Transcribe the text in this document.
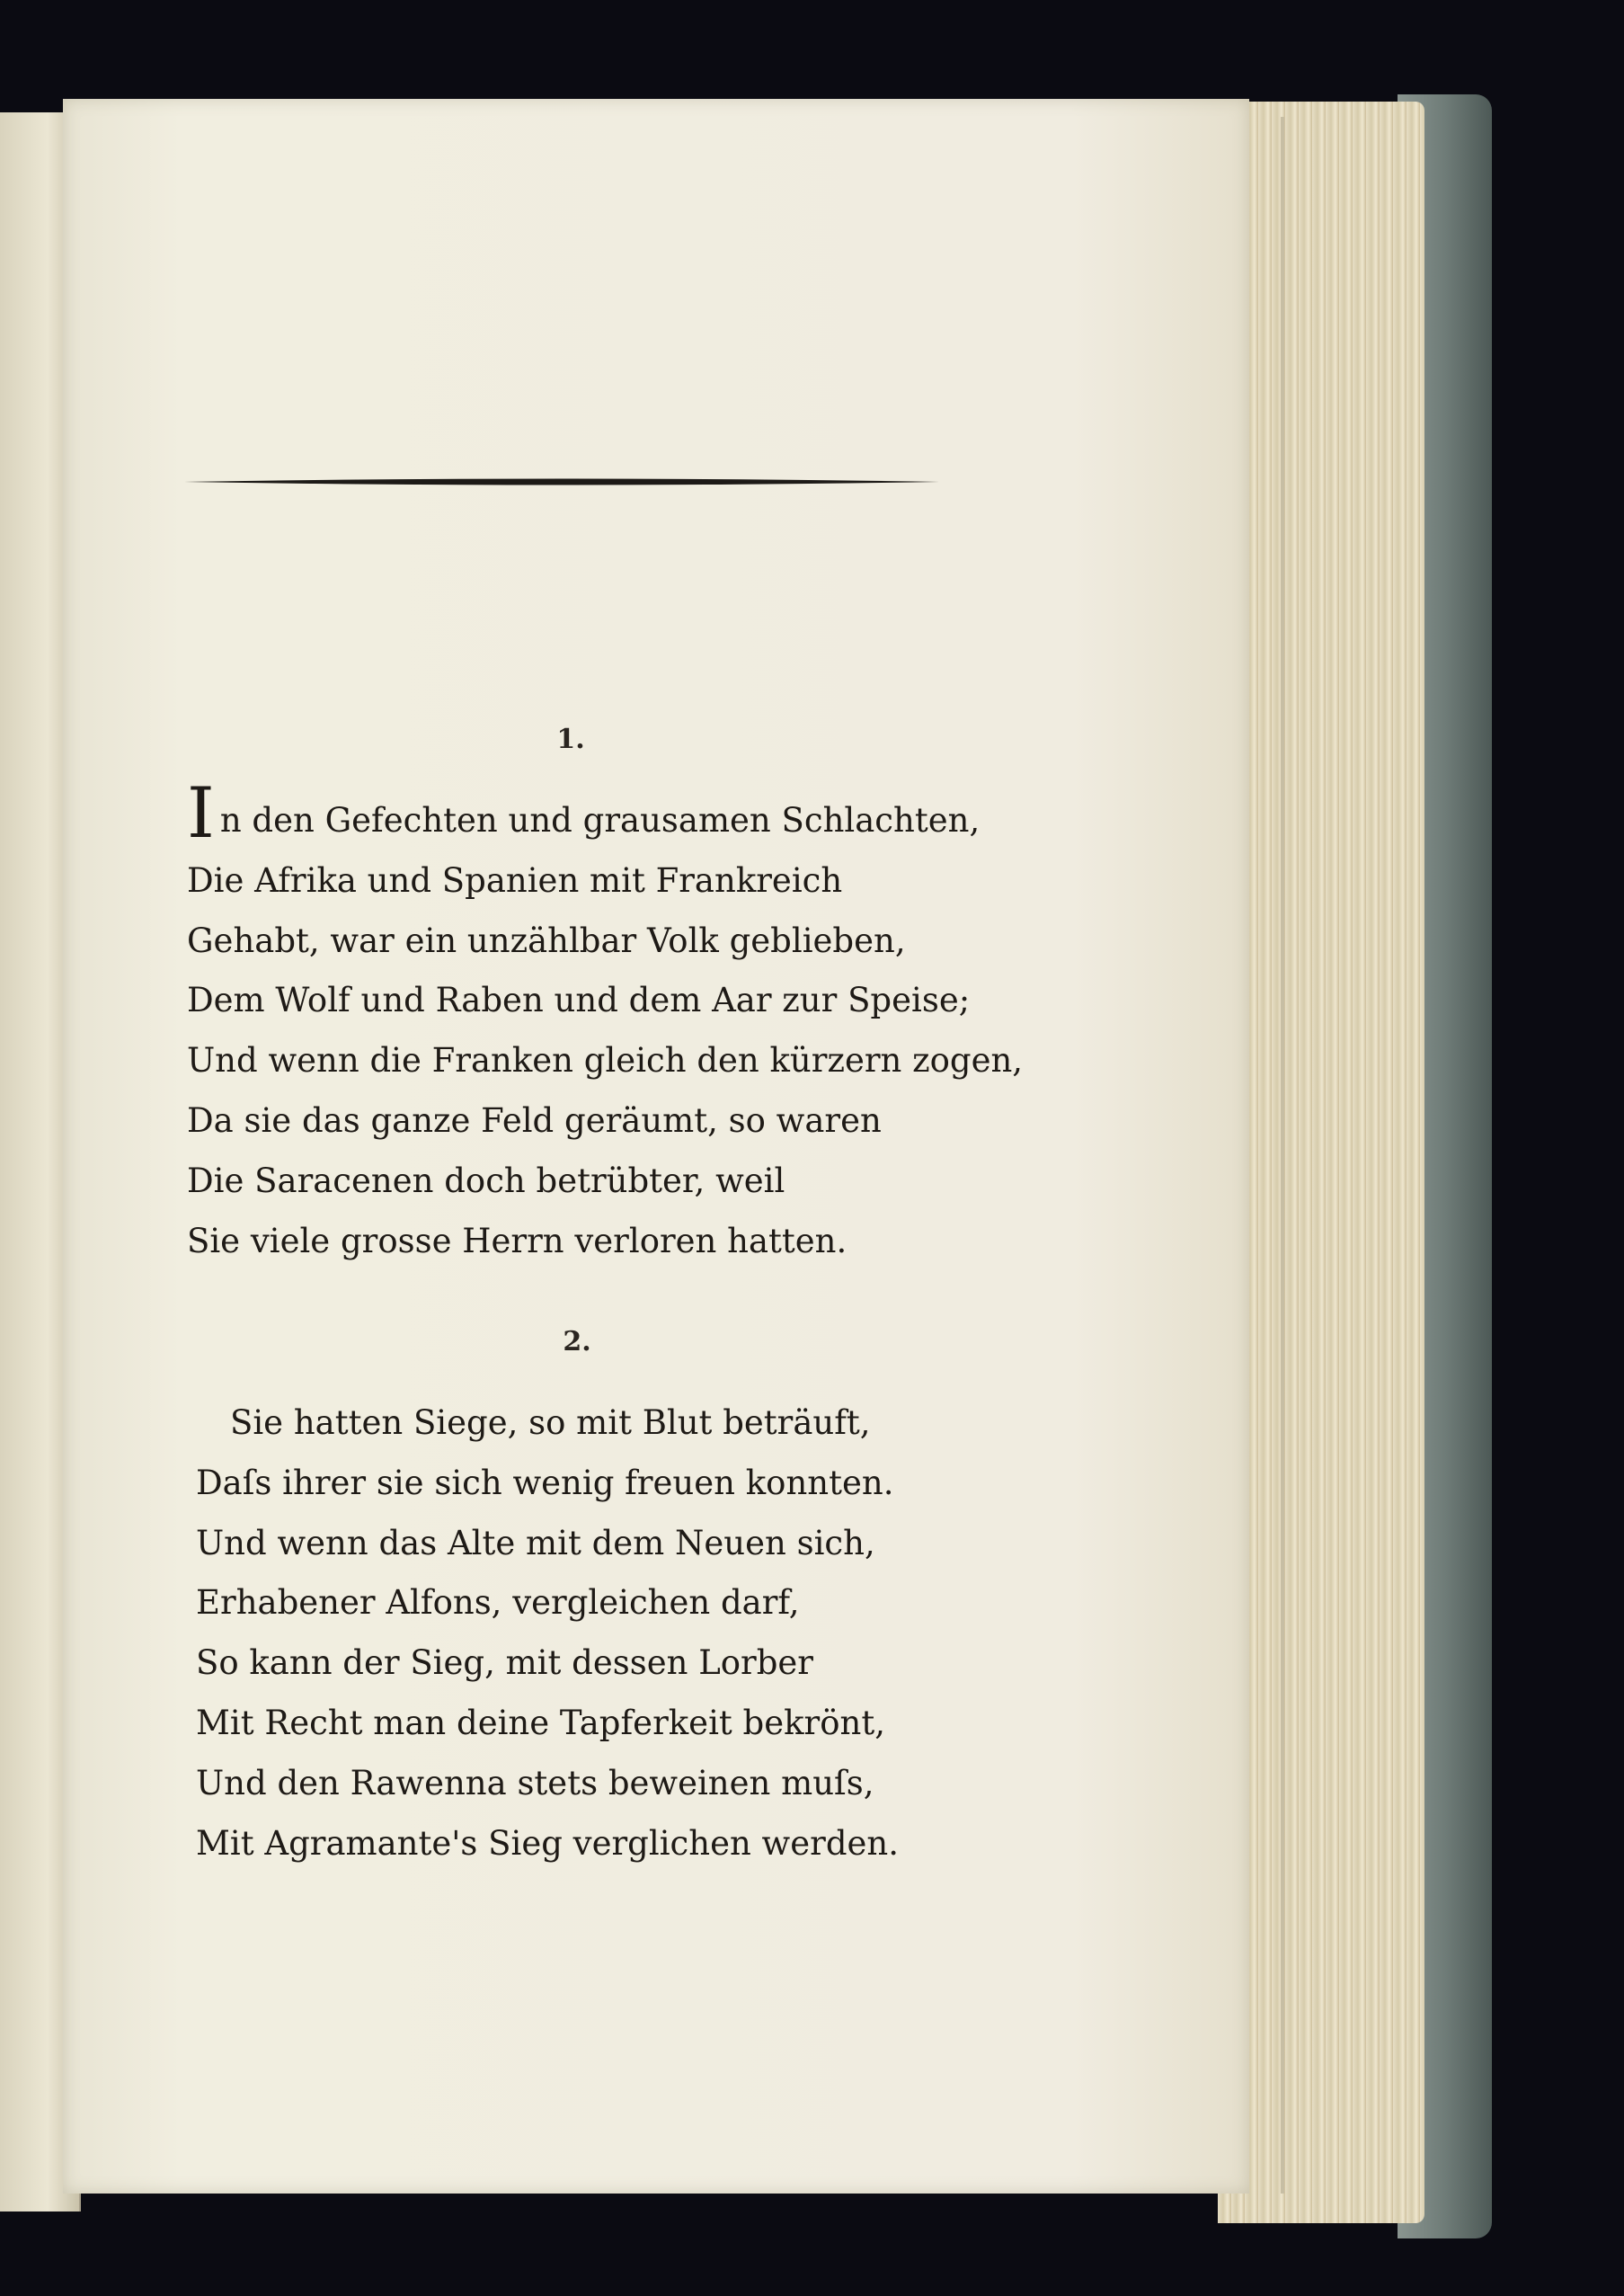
1.
In den Gefechten und grausamen Schlachten,
Die Afrika und Spanien mit Frankreich
Gehabt, war ein unzählbar Volk geblieben,
Dem Wolf und Raben und dem Aar zur Speise;
Und wenn die Franken gleich den kürzern zogen,
Da sie das ganze Feld geräumt, so waren
Die Saracenen doch betrübter, weil
Sie viele grosse Herrn verloren hatten.
2.
Sie hatten Siege, so mit Blut beträuft,
Daſs ihrer sie sich wenig freuen konnten.
Und wenn das Alte mit dem Neuen sich,
Erhabener Alfons, vergleichen darf,
So kann der Sieg, mit dessen Lorber
Mit Recht man deine Tapferkeit bekrönt,
Und den Rawenna stets beweinen muſs,
Mit Agramante's Sieg verglichen werden.
